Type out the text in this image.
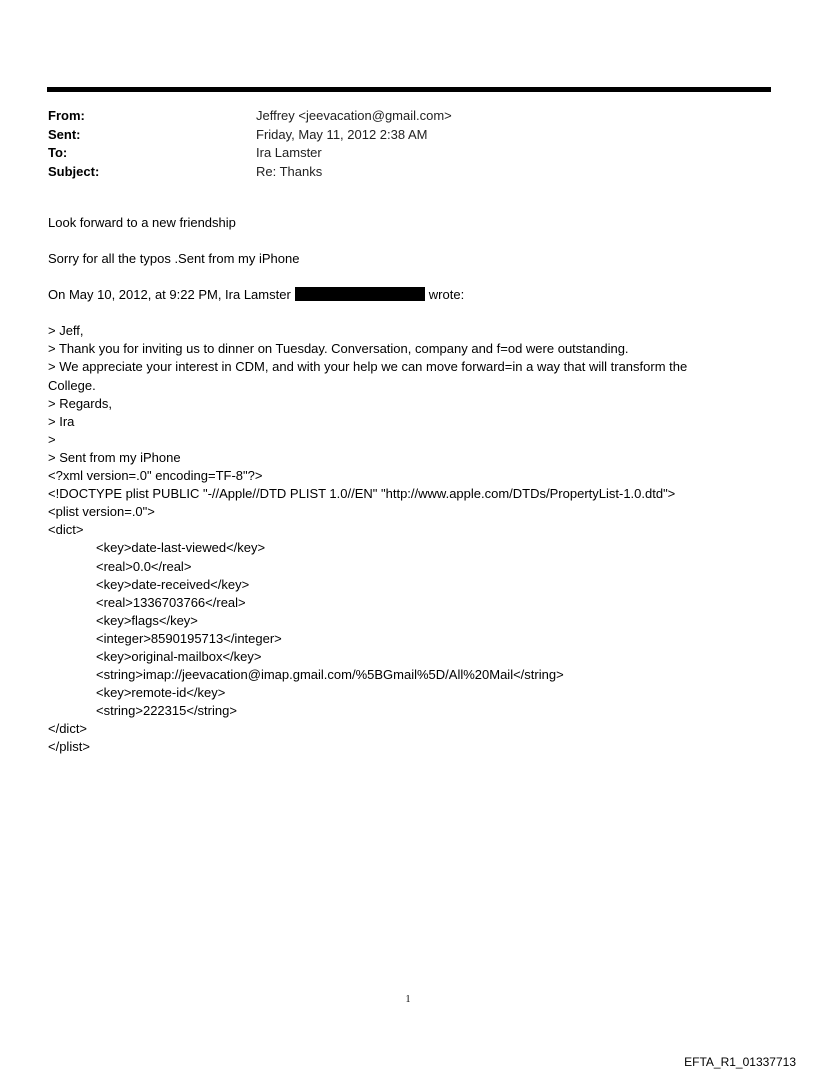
From:	Jeffrey <jeevacation@gmail.com>
Sent:	Friday, May 11, 2012 2:38 AM
To:	Ira Lamster
Subject:	Re: Thanks

Look forward to a new friendship

Sorry for all the typos .Sent from my iPhone

On May 10, 2012, at 9:22 PM, Ira Lamster	wrote:

> Jeff,

> Thank you for inviting us to dinner on Tuesday. Conversation, company and f=od were outstanding.

> We appreciate your interest in CDM, and with your help we can move forward=in a way that will transform the College.

> Regards,

> Ira

>

> Sent from my iPhone

<?xml version=.0" encoding=TF-8"?>

<!DOCTYPE plist PUBLIC "-//Apple//DTD PLIST 1.0//EN" "http://www.apple.com/DTDs/PropertyList-1.0.dtd">

<plist version=.0">

<dict>

<key>date-last-viewed</key>

<real>0.0</real>

<key>date-received</key>

<real>1336703766</real>

<key>flags</key>

<integer>8590195713</integer>

<key>original-mailbox</key>

<string>imap://jeevacation@imap.gmail.com/%5BGmail%5D/All%20Mail</string>

<key>remote-id</key>

<string>222315</string>

</dict>

</plist>

1
EFTA_R1_01337713
